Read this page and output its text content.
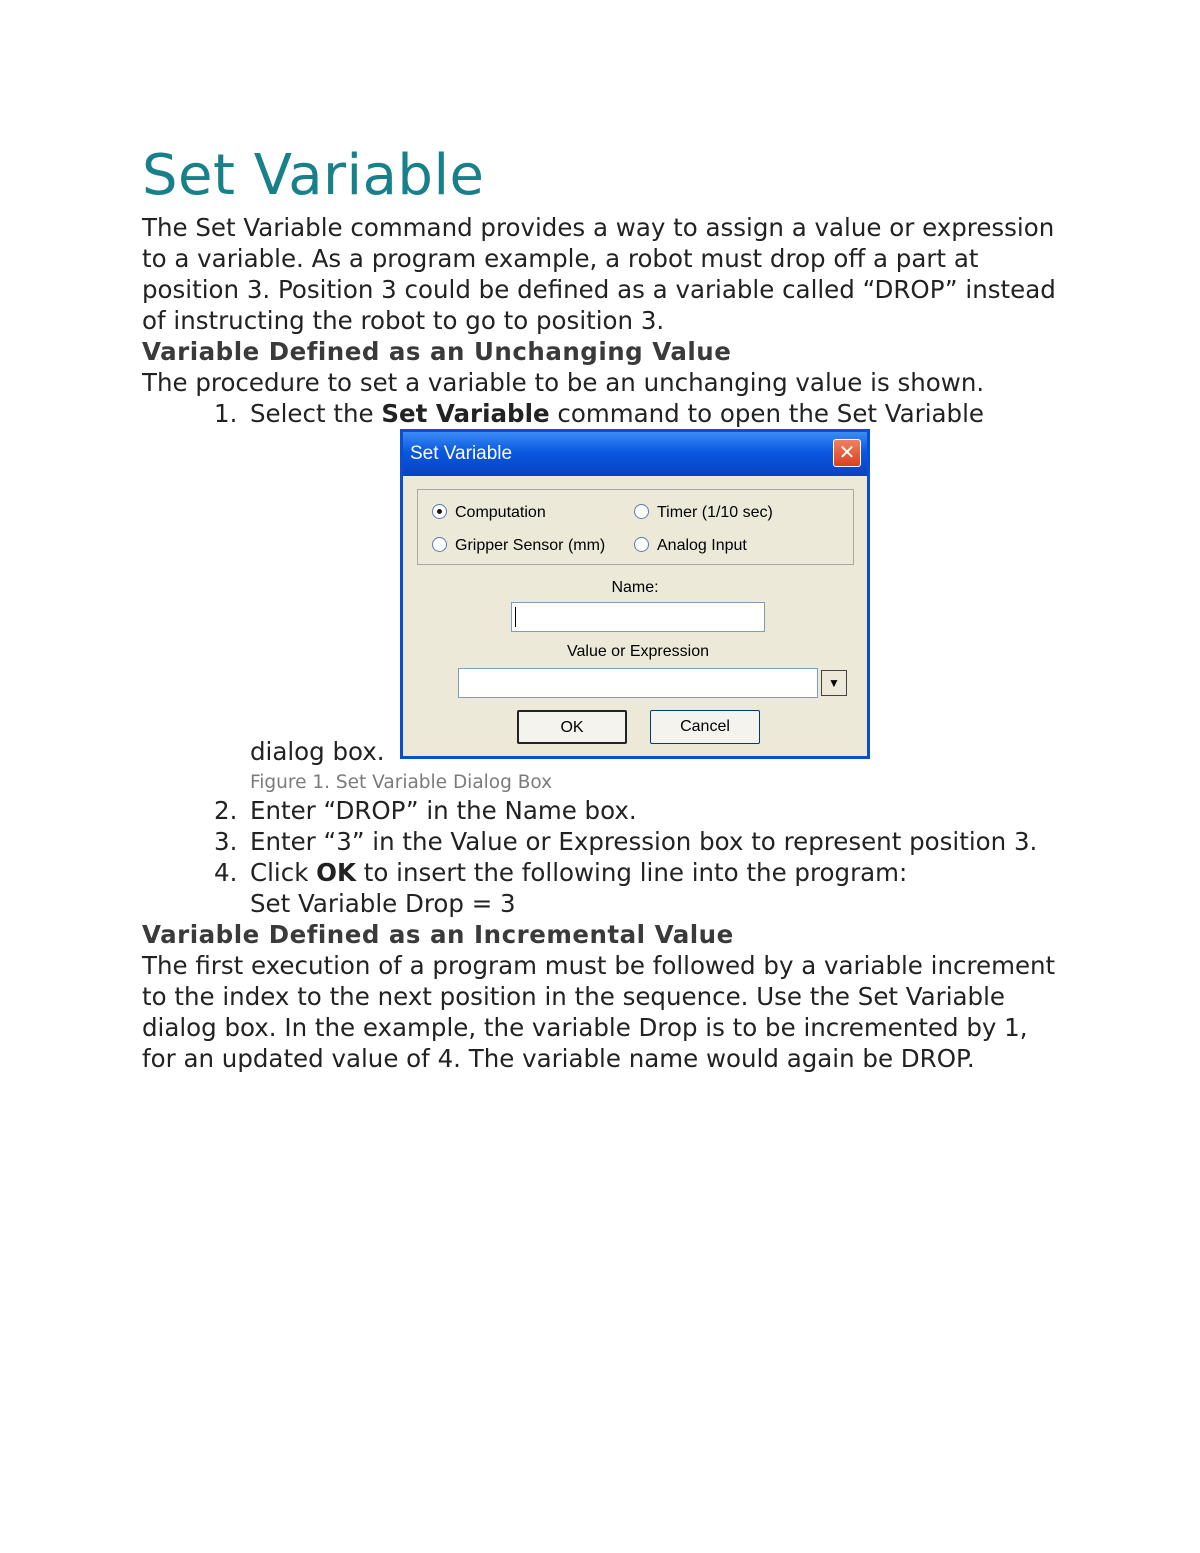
Set Variable

The Set Variable command provides a way to assign a value or expression to a variable. As a program example, a robot must drop off a part at position 3. Position 3 could be defined as a variable called “DROP” instead of instructing the robot to go to position 3.

Variable Defined as an Unchanging Value

The procedure to set a variable to be an unchanging value is shown.

1. Select the Set Variable command to open the Set Variable
dialog box.
Set Variable	✕
Computation	Timer (1/10 sec)
Gripper Sensor (mm)	Analog Input
Name:
Value or Expression
▼
OK	Cancel

Figure 1. Set Variable Dialog Box

2. Enter “DROP” in the Name box.
3. Enter “3” in the Value or Expression box to represent position 3.
4. Click OK to insert the following line into the program:
Set Variable Drop = 3

Variable Defined as an Incremental Value

The first execution of a program must be followed by a variable increment to the index to the next position in the sequence. Use the Set Variable dialog box. In the example, the variable Drop is to be incremented by 1, for an updated value of 4. The variable name would again be DROP.
